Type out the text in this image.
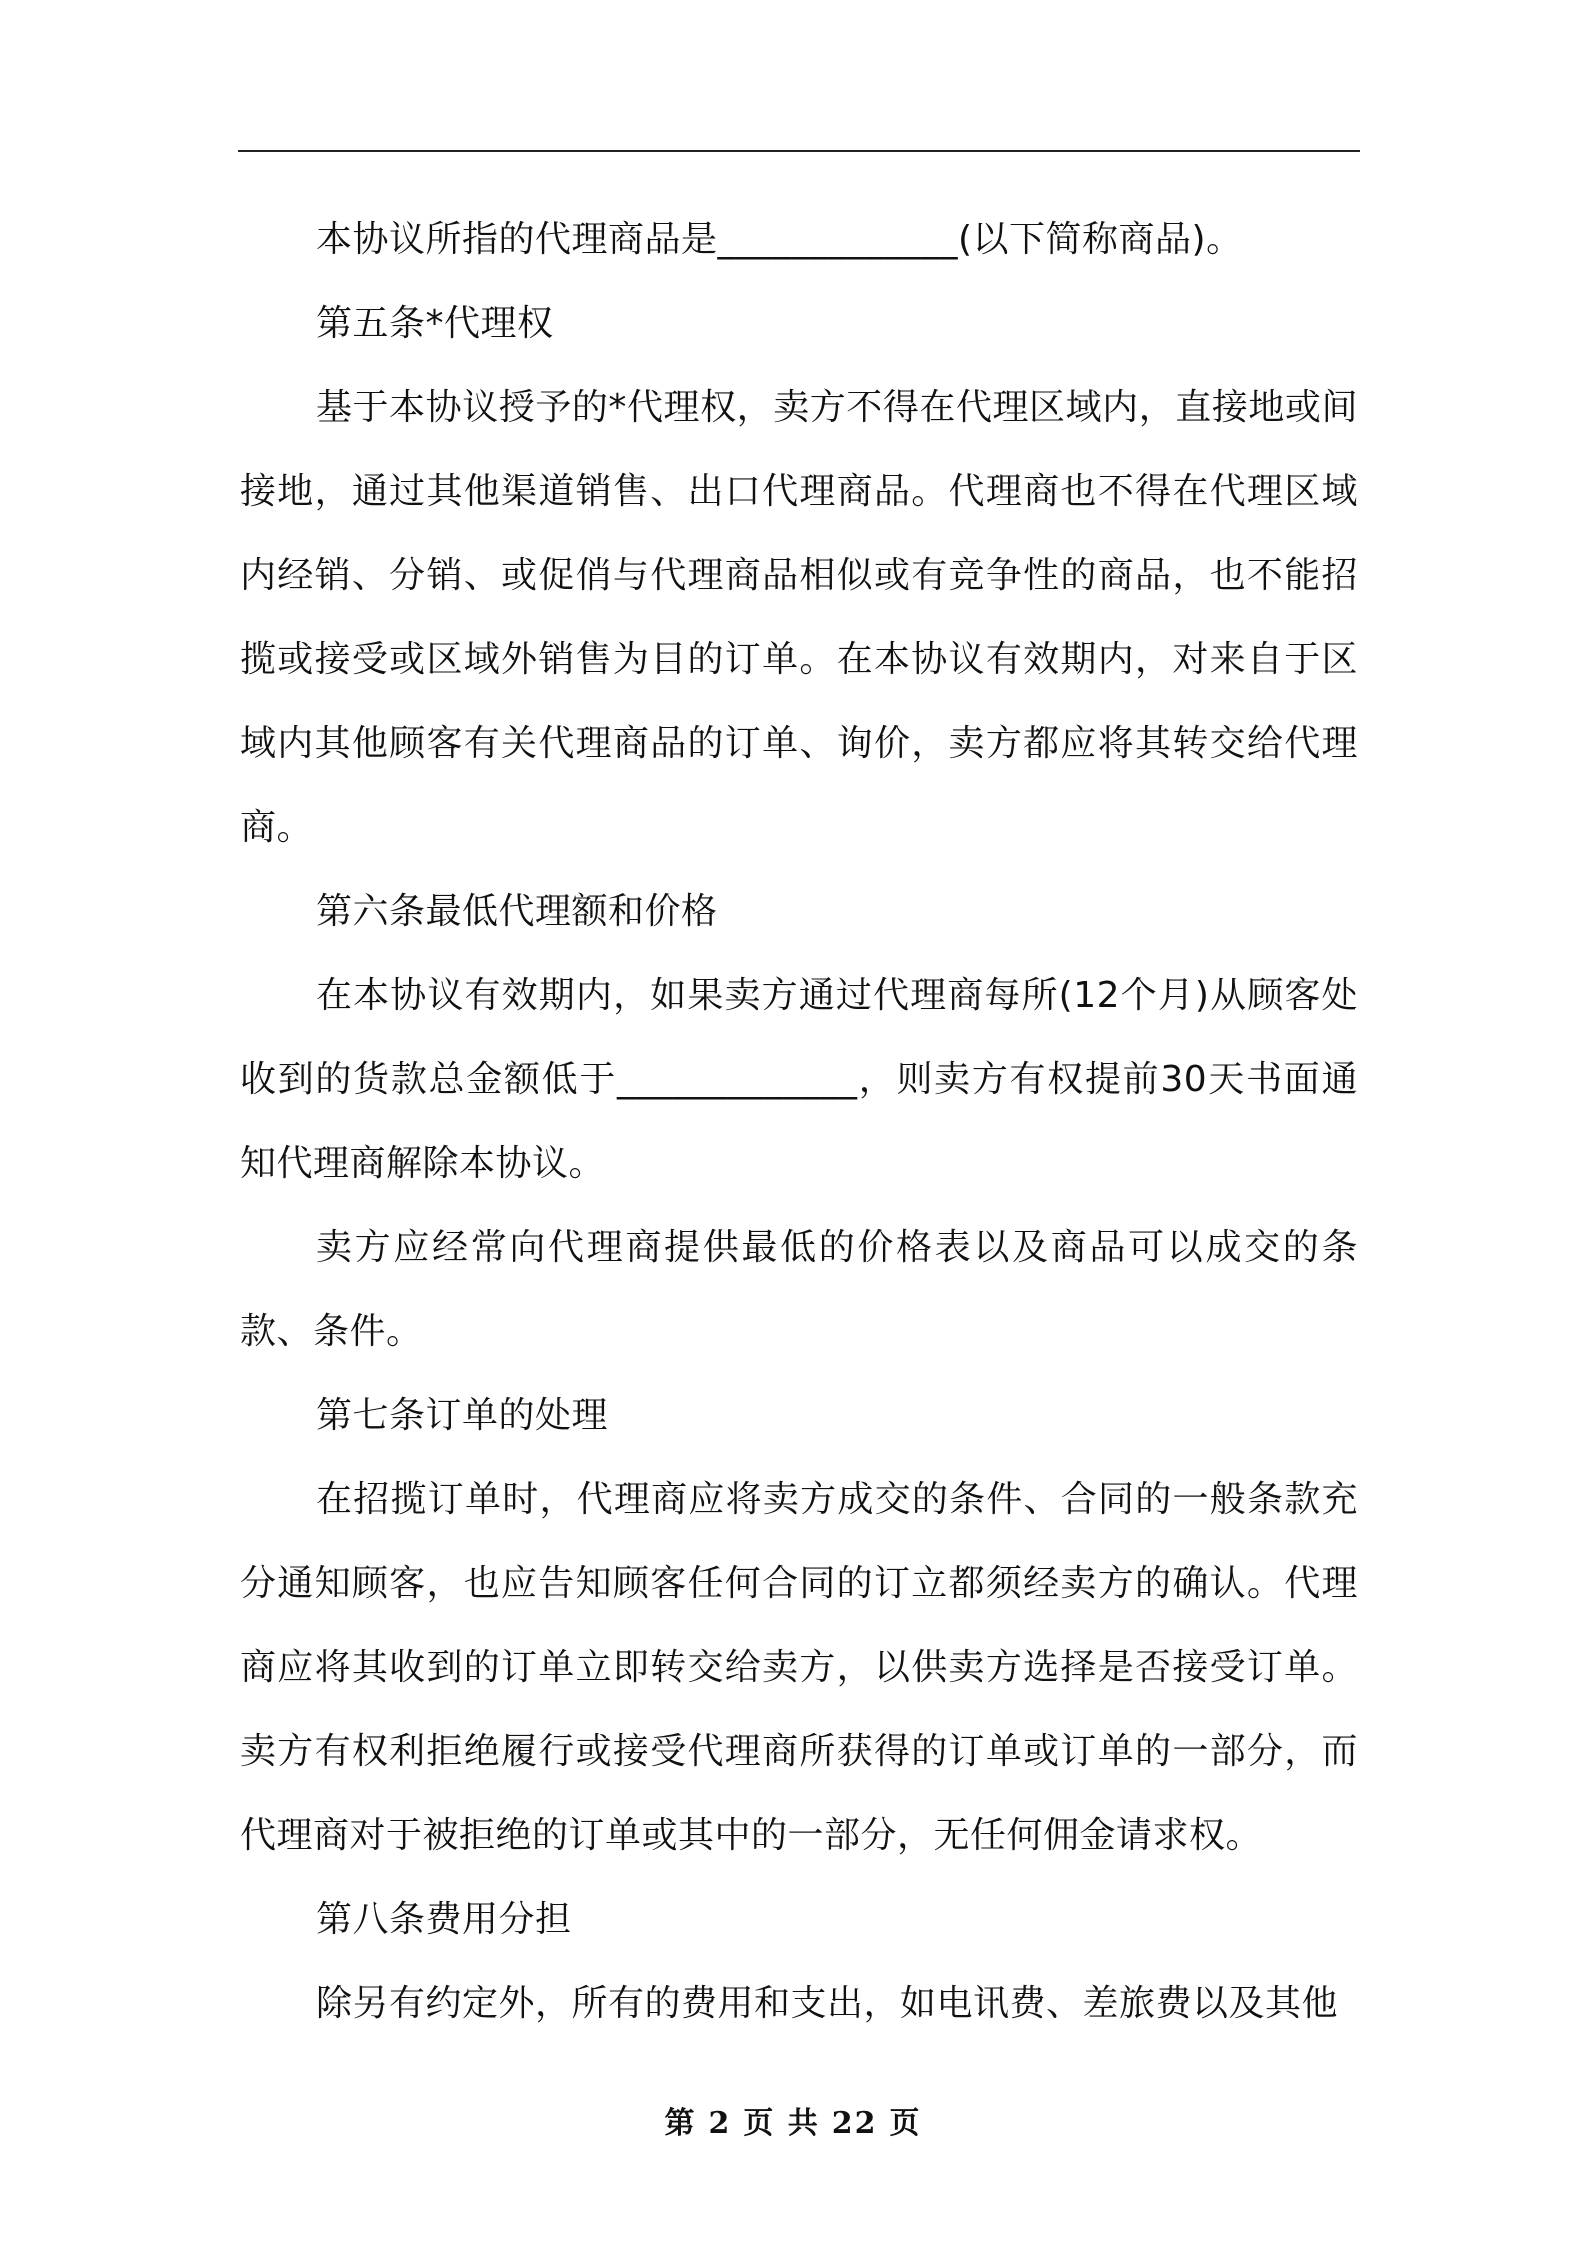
本协议所指的代理商品是_____________(以下简称商品)。

第五条*代理权

基于本协议授予的*代理权，卖方不得在代理区域内，直接地或间接地，通过其他渠道销售、出口代理商品。代理商也不得在代理区域内经销、分销、或促俏与代理商品相似或有竞争性的商品，也不能招揽或接受或区域外销售为目的订单。在本协议有效期内，对来自于区域内其他顾客有关代理商品的订单、询价，卖方都应将其转交给代理商。

第六条最低代理额和价格

在本协议有效期内，如果卖方通过代理商每所(12个月)从顾客处收到的货款总金额低于_____________，则卖方有权提前30天书面通知代理商解除本协议。

卖方应经常向代理商提供最低的价格表以及商品可以成交的条款、条件。

第七条订单的处理

在招揽订单时，代理商应将卖方成交的条件、合同的一般条款充分通知顾客，也应告知顾客任何合同的订立都须经卖方的确认。代理商应将其收到的订单立即转交给卖方，以供卖方选择是否接受订单。卖方有权利拒绝履行或接受代理商所获得的订单或订单的一部分，而代理商对于被拒绝的订单或其中的一部分，无任何佣金请求权。

第八条费用分担

除另有约定外，所有的费用和支出，如电讯费、差旅费以及其他

第 2 页 共 22 页
